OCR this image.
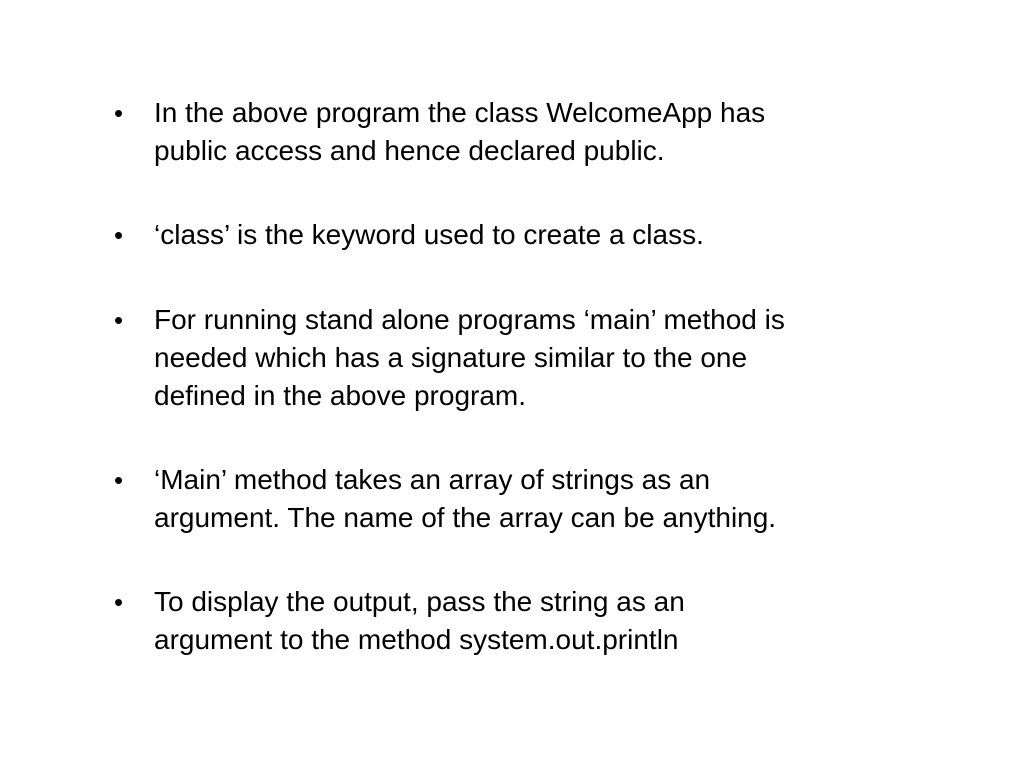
•	In the above program the class WelcomeApp has
public access and hence declared public.
•	‘class’ is the keyword used to create a class.
•	For running stand alone programs ‘main’ method is
needed which has a signature similar to the one
defined in the above program.
•	‘Main’ method takes an array of strings as an
argument. The name of the array can be anything.
•	To display the output, pass the string as an
argument to the method system.out.println
